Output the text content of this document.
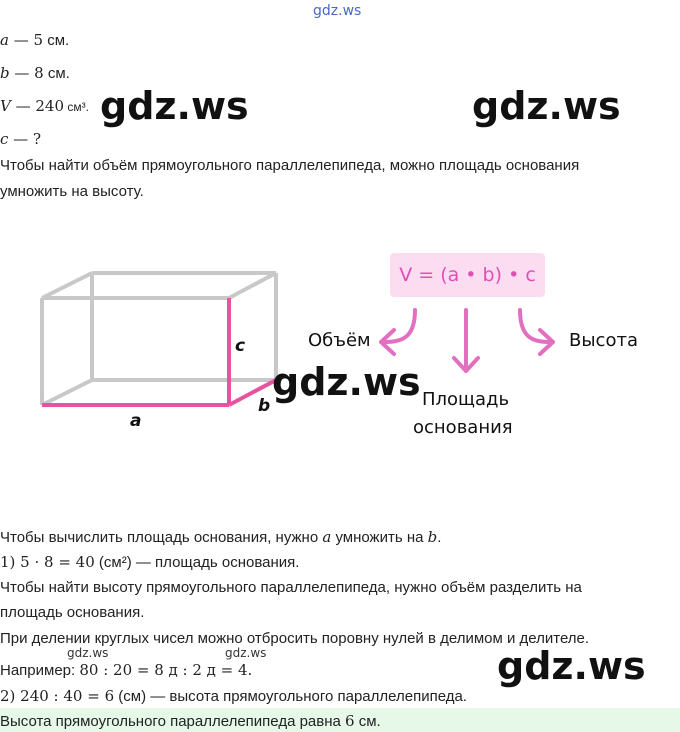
gdz.ws
a — 5 см.
b — 8 см.
V — 240 см³.
c — ?
gdz.ws	gdz.ws
Чтобы найти объём прямоугольного параллелепипеда, можно площадь основания
умножить на высоту.
c
b
a
V = (a • b) • c
Объём	Высота
Площадь
основания
gdz.ws
Чтобы вычислить площадь основания, нужно a умножить на b.
1) 5 · 8 = 40 (см²) — площадь основания.
Чтобы найти высоту прямоугольного параллелепипеда, нужно объём разделить на
площадь основания.
При делении круглых чисел можно отбросить поровну нулей в делимом и делителе.
Например: 80 : 20 = 8 д : 2 д = 4.
gdz.ws	gdz.ws
2) 240 : 40 = 6 (см) — высота прямоугольного параллелепипеда.
gdz.ws
Высота прямоугольного параллелепипеда равна 6 см.
